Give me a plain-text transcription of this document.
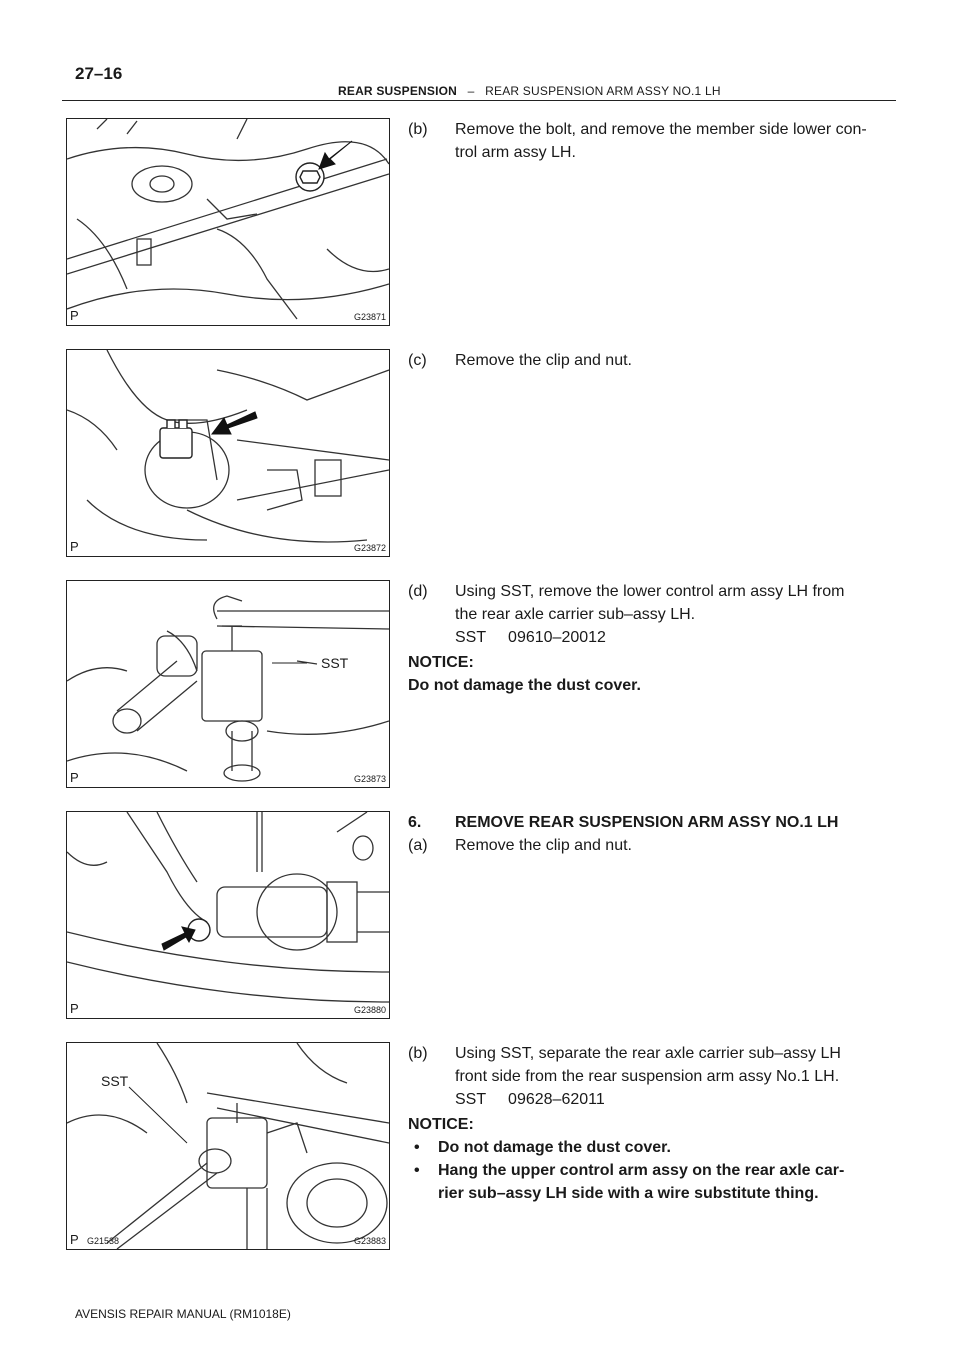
27–16
REAR SUSPENSION – REAR SUSPENSION ARM ASSY NO.1 LH
P	G23871
P	G23872
SST
P	G23873
P	G23880
SST
P G21538	G23883
(b) Remove the bolt, and remove the member side lower con-
trol arm assy LH.
(c) Remove the clip and nut.
(d) Using SST, remove the lower control arm assy LH from
the rear axle carrier sub–assy LH.
SST     09610–20012
NOTICE:
Do not damage the dust cover.
6. REMOVE REAR SUSPENSION ARM ASSY NO.1 LH
(a) Remove the clip and nut.
(b) Using SST, separate the rear axle carrier sub–assy LH
front side from the rear suspension arm assy No.1 LH.
SST     09628–62011
NOTICE:
• Do not damage the dust cover.
• Hang the upper control arm assy on the rear axle car-
rier sub–assy LH side with a wire substitute thing.
AVENSIS REPAIR MANUAL (RM1018E)
